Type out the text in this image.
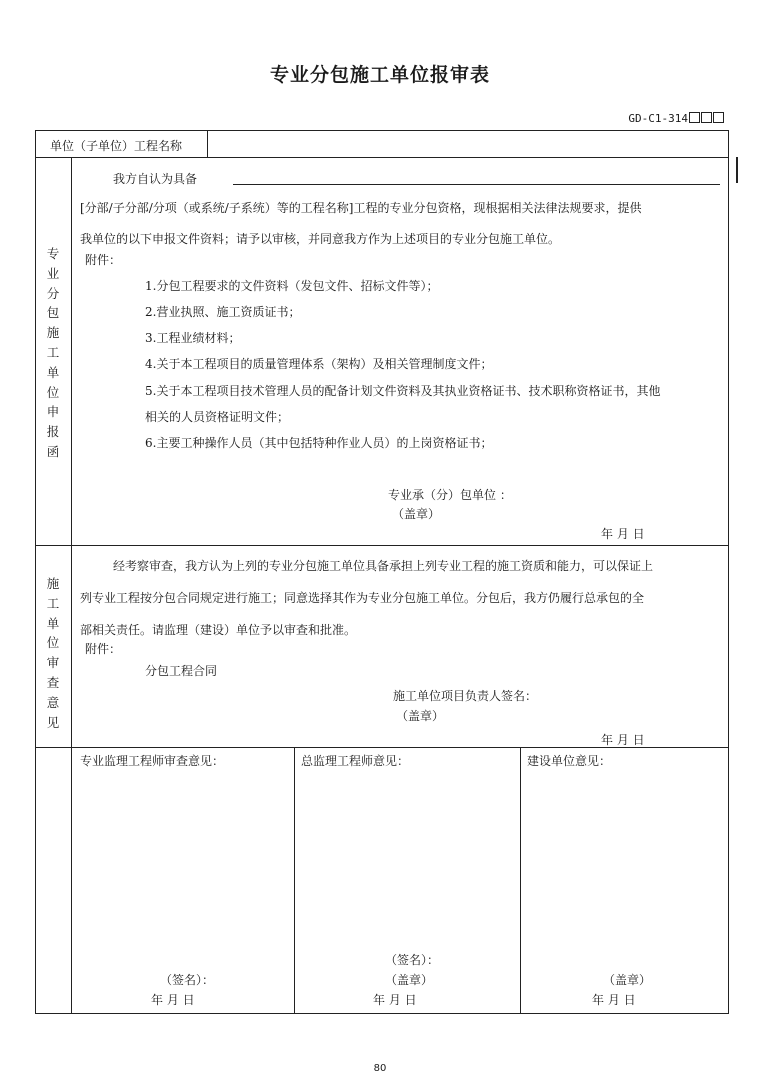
专业分包施工单位报审表
GD-C1-314
单位（子单位）工程名称
专业分包施工单位申报函
我方自认为具备
[分部/子分部/分项（或系统/子系统）等的工程名称]工程的专业分包资格，现根据相关法律法规要求，提供
我单位的以下申报文件资料；请予以审核，并同意我方作为上述项目的专业分包施工单位。
附件：
1.分包工程要求的文件资料（发包文件、招标文件等）；
2.营业执照、施工资质证书；
3.工程业绩材料；
4.关于本工程项目的质量管理体系（架构）及相关管理制度文件；
5.关于本工程项目技术管理人员的配备计划文件资料及其执业资格证书、技术职称资格证书，其他
相关的人员资格证明文件；
6.主要工种操作人员（其中包括特种作业人员）的上岗资格证书；
专业承（分）包单位 ：
（盖章）
年 月 日
施工单位审查意见
经考察审查，我方认为上列的专业分包施工单位具备承担上列专业工程的施工资质和能力，可以保证上
列专业工程按分包合同规定进行施工；同意选择其作为专业分包施工单位。分包后，我方仍履行总承包的全
部相关责任。请监理（建设）单位予以审查和批准。
附件：
分包工程合同
施工单位项目负责人签名：
（盖章）
年 月 日
专业监理工程师审查意见：
（签名）：
年 月 日
总监理工程师意见：
（签名）：
（盖章）
年 月 日
建设单位意见：
（盖章）
年 月 日
80
